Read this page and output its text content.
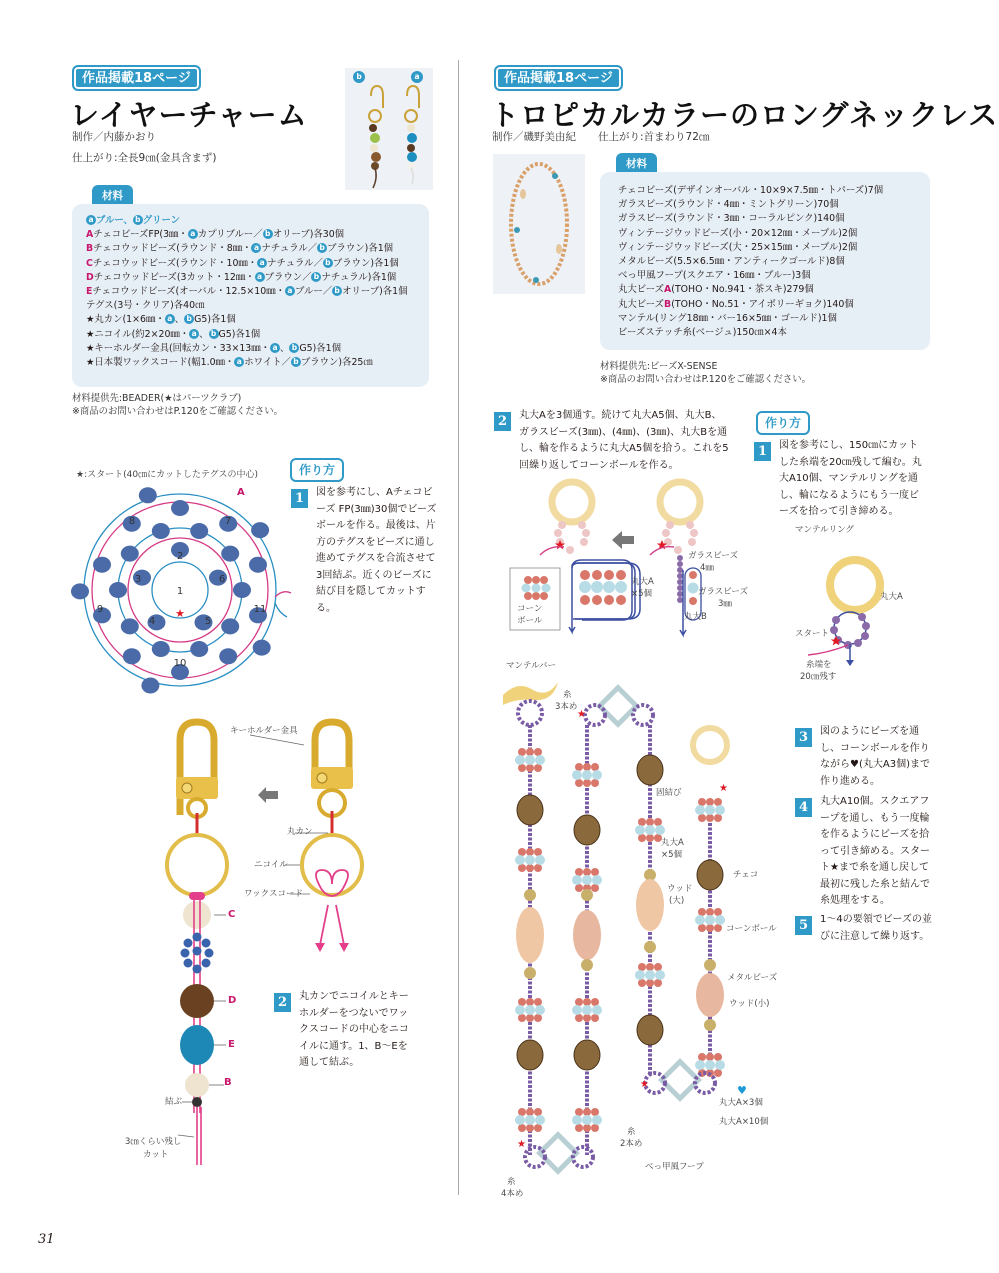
作品掲載18ページ
レイヤーチャーム
制作／内藤かおり
仕上がり:全長9㎝(金具含まず)
b	a
材料
a ブルー、 b グリーン
AチェコビーズFP(3㎜・ a カプリブルー／ b オリーブ)各30個
Bチェコウッドビーズ(ラウンド・8㎜・ a ナチュラル／ b ブラウン)各1個
Cチェコウッドビーズ(ラウンド・10㎜・ a ナチュラル／ b ブラウン)各1個
Dチェコウッドビーズ(3カット・12㎜・ a ブラウン／ b ナチュラル)各1個
Eチェコウッドビーズ(オーバル・12.5×10㎜・ a ブルー／ b オリーブ)各1個
テグス(3号・クリア)各40㎝
★丸カン(1×6㎜・ a 、 b G5)各1個
★ニコイル(約2×20㎜・ a 、 b G5)各1個
★キーホルダー金具(回転カン・33×13㎜・ a 、 b G5)各1個
★日本製ワックスコード(幅1.0㎜・ a ホワイト／ b ブラウン)各25㎝
材料提供先:BEADER(★はパーツクラブ)
※商品のお問い合わせはP.120をご確認ください。
★:スタート(40㎝にカットしたテグスの中心)
1
2
3
4	5
6
7
8
9
10
11
★
A
作り方
1	図を参考にし、Aチェコビーズ FP(3㎜)30個でビーズボールを作る。最後は、片方のテグスをビーズに通し進めてテグスを合流させて3回結ぶ。近くのビーズに結び目を隠してカットする。
キーホルダー金具
丸カン
ニコイル
ワックスコード
C
D
E
B
結ぶ
3㎝くらい残し
カット
2	丸カンでニコイルとキーホルダーをつないでワックスコードの中心をニコイルに通す。1、B〜Eを通して結ぶ。
作品掲載18ページ
トロピカルカラーのロングネックレス
制作／磯野美由紀 仕上がり:首まわり72㎝
材料
チェコビーズ(デザインオーバル・10×9×7.5㎜・トパーズ)7個
ガラスビーズ(ラウンド・4㎜・ミントグリーン)70個
ガラスビーズ(ラウンド・3㎜・コーラルピンク)140個
ヴィンテージウッドビーズ(小・20×12㎜・メープル)2個
ヴィンテージウッドビーズ(大・25×15㎜・メープル)2個
メタルビーズ(5.5×6.5㎜・アンティークゴールド)8個
べっ甲風フープ(スクエア・16㎜・ブルー)3個
丸大ビーズA(TOHO・No.941・茶スキ)279個
丸大ビーズB(TOHO・No.51・アイボリーギョク)140個
マンテル(リング18㎜・バー16×5㎜・ゴールド)1個
ビーズステッチ糸(ベージュ)150㎝×4本
材料提供先:ビーズX-SENSE
※商品のお問い合わせはP.120をご確認ください。
2	丸大Aを3個通す。続けて丸大A5個、丸大B、ガラスビーズ(3㎜)、(4㎜)、(3㎜)、丸大Bを通し、輪を作るように丸大A5個を拾う。これを5回繰り返してコーンボールを作る。
作り方
1	図を参考にし、150㎝にカットした糸端を20㎝残して編む。丸大A10個、マンテルリングを通し、輪になるようにもう一度ビーズを拾って引き締める。
コーン
ボール
ガラスビーズ
4㎜
ガラスビーズ
3㎜
丸大A
×5個
丸大B
マンテルリング
丸大A
スタート
糸端を
20㎝残す
★
★
★
★
マンテルバー
糸
3本め
固結び
丸大A
×5個
チェコ
ウッド
(大)
コーンボール
メタルビーズ
ウッド(小)
♥
丸大A×3個
丸大A×10個
糸
2本め
べっ甲風フープ
糸
4本め
3	図のようにビーズを通し、コーンボールを作りながら♥(丸大A3個)まで作り進める。
4	丸大A10個。スクエアフープを通し、もう一度輪を作るようにビーズを拾って引き締める。スタート★まで糸を通し戻して最初に残した糸と結んで糸処理をする。
5	1〜4の要領でビーズの並びに注意して繰り返す。
31
